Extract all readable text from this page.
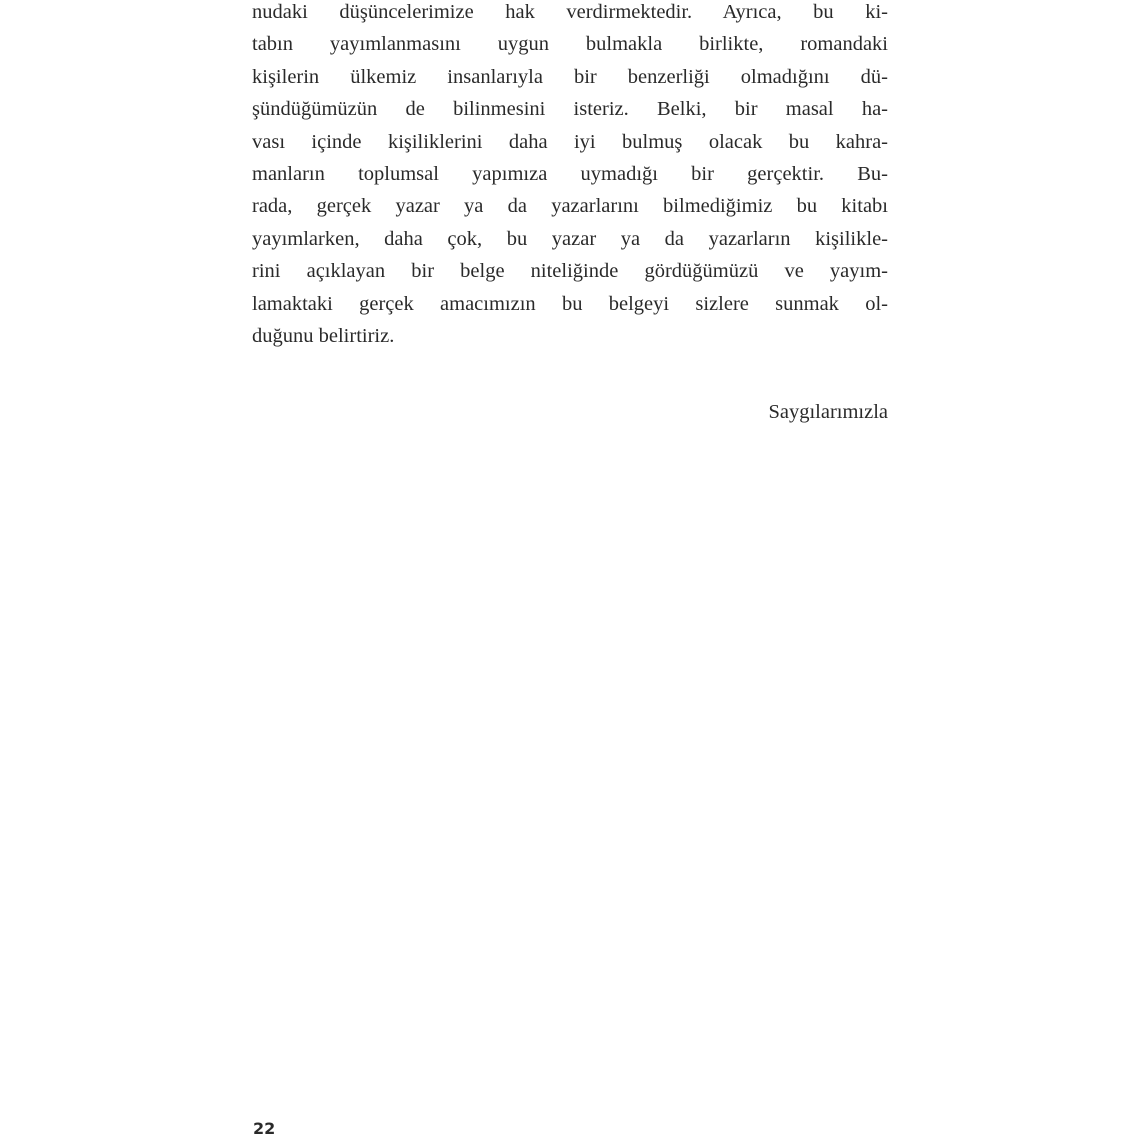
nudaki düşüncelerimize hak verdirmektedir. Ayrıca, bu ki-
tabın yayımlanmasını uygun bulmakla birlikte, romandaki
kişilerin ülkemiz insanlarıyla bir benzerliği olmadığını dü-
şündüğümüzün de bilinmesini isteriz. Belki, bir masal ha-
vası içinde kişiliklerini daha iyi bulmuş olacak bu kahra-
manların toplumsal yapımıza uymadığı bir gerçektir. Bu-
rada, gerçek yazar ya da yazarlarını bilmediğimiz bu kitabı
yayımlarken, daha çok, bu yazar ya da yazarların kişilikle-
rini açıklayan bir belge niteliğinde gördüğümüzü ve yayım-
lamaktaki gerçek amacımızın bu belgeyi sizlere sunmak ol-
duğunu belirtiriz.
Saygılarımızla
22
